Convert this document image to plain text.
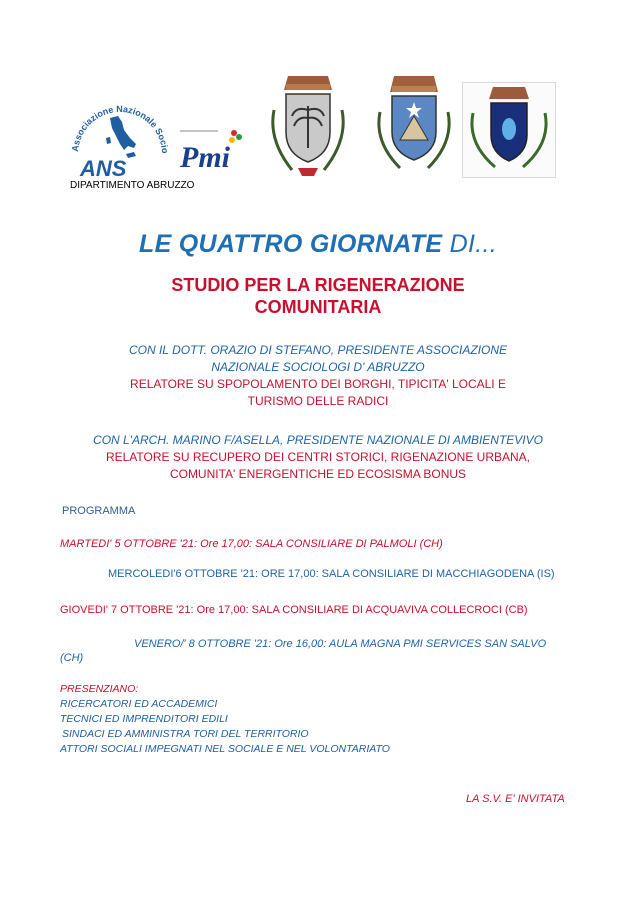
Associazione Nazionale Socio
ANS
DIPARTIMENTO ABRUZZO
Pmi
LE QUATTRO GIORNATE DI...
STUDIO PER LA RIGENERAZIONE
COMUNITARIA
CON IL DOTT. ORAZIO DI STEFANO, PRESIDENTE ASSOCIAZIONE
NAZIONALE SOCIOLOGI D' ABRUZZO
RELATORE SU SPOPOLAMENTO DEI BORGHI, TIPICITA' LOCALI E
TURISMO DELLE RADICI
CON L'ARCH. MARINO F/ASELLA, PRESIDENTE NAZIONALE DI AMBIENTEVIVO
RELATORE SU RECUPERO DEI CENTRI STORICI, RIGENAZIONE URBANA,
COMUNITA' ENERGENTICHE ED ECOSISMA BONUS
PROGRAMMA
MARTEDI' 5 OTTOBRE '21: Ore 17,00: SALA CONSILIARE DI PALMOLI (CH)
MERCOLEDI'6 OTTOBRE '21: ORE 17,00: SALA CONSILIARE DI MACCHIAGODENA (IS)
GIOVEDI' 7 OTTOBRE '21: Ore 17,00: SALA CONSILIARE DI ACQUAVIVA COLLECROCI (CB)
VENERO/' 8 OTTOBRE '21: Ore 16,00: AULA MAGNA PMI SERVICES SAN SALVO
(CH)
PRESENZIANO:
RICERCATORI ED ACCADEMICI
TECNICI ED IMPRENDITORI EDILI
SINDACI ED AMMINISTRA TORI DEL TERRITORIO
ATTORI SOCIALI IMPEGNATI NEL SOCIALE E NEL VOLONTARIATO
LA S.V. E' INVITATA
